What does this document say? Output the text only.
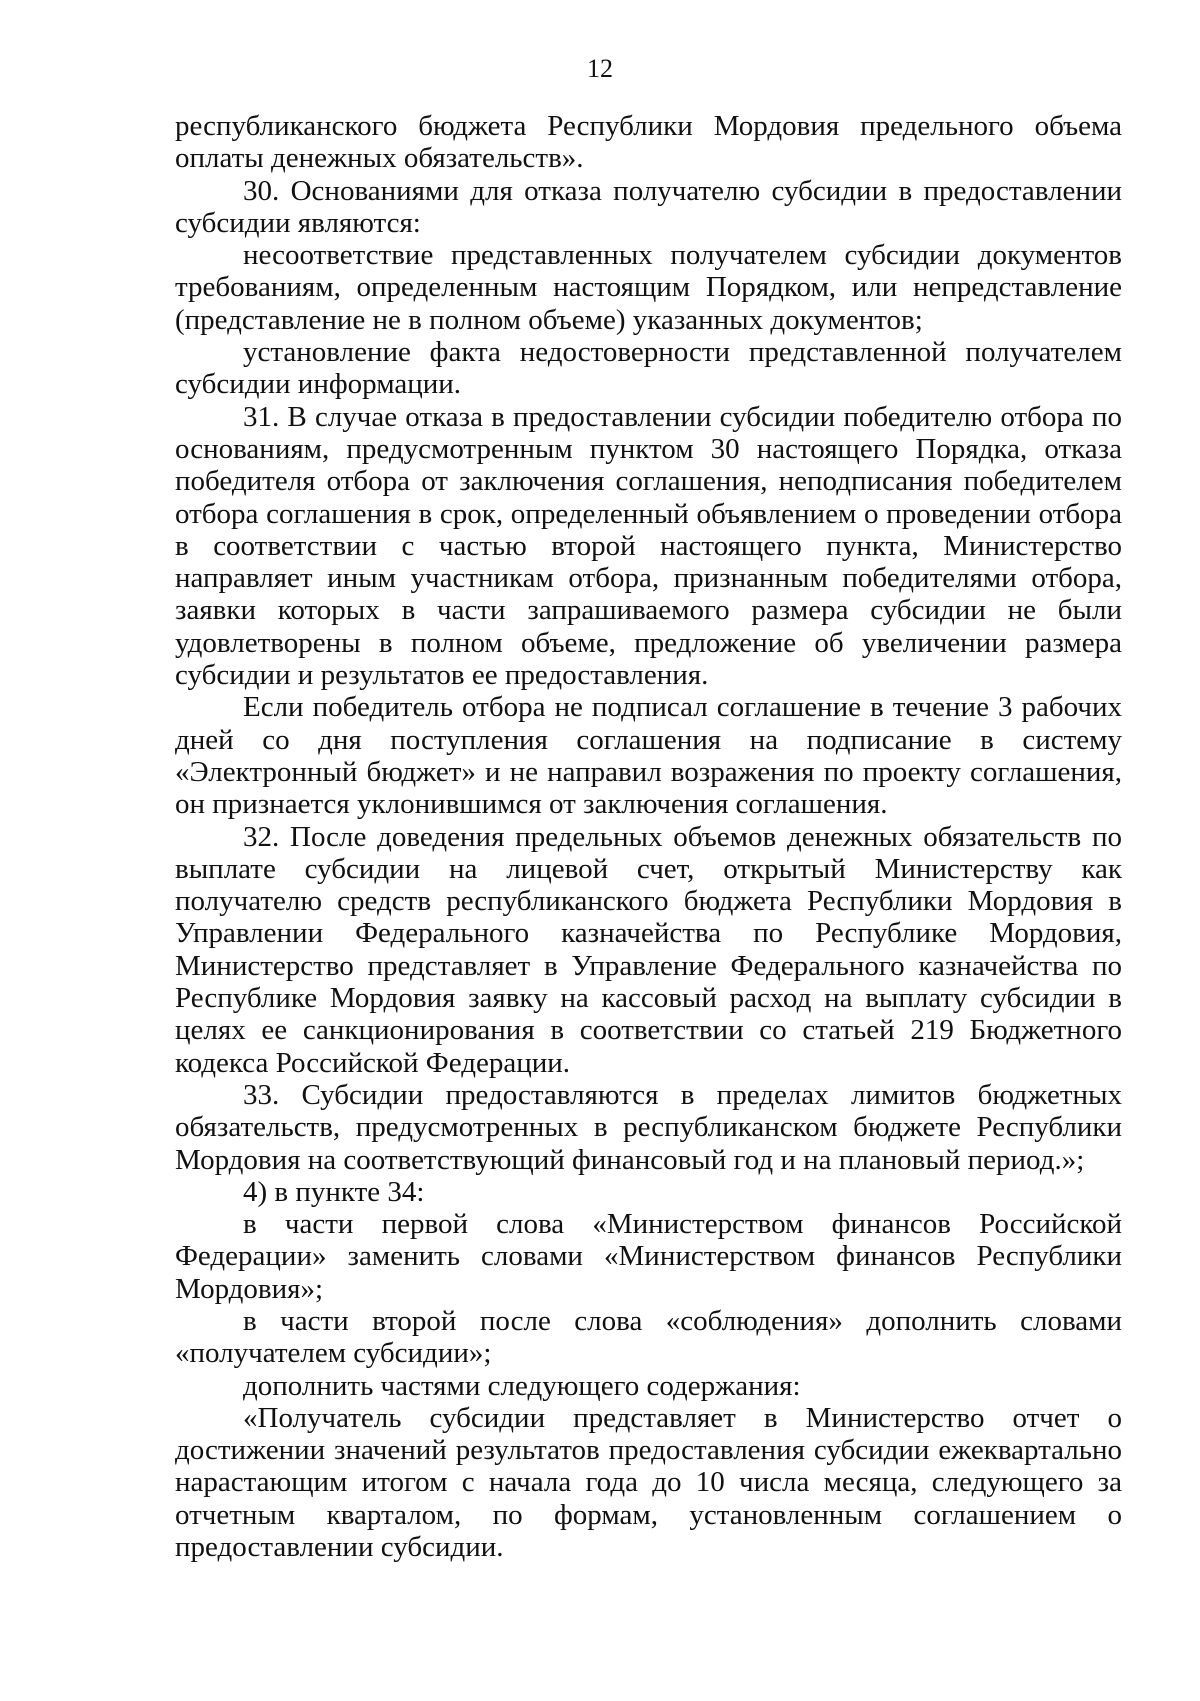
12

республиканского бюджета Республики Мордовия предельного объема оплаты денежных обязательств».

30. Основаниями для отказа получателю субсидии в предоставлении субсидии являются:

несоответствие представленных получателем субсидии документов требованиям, определенным настоящим Порядком, или непредставление (представление не в полном объеме) указанных документов;

установление факта недостоверности представленной получателем субсидии информации.

31. В случае отказа в предоставлении субсидии победителю отбора по основаниям, предусмотренным пунктом 30 настоящего Порядка, отказа победителя отбора от заключения соглашения, неподписания победителем отбора соглашения в срок, определенный объявлением о проведении отбора в соответствии с частью второй настоящего пункта, Министерство направляет иным участникам отбора, признанным победителями отбора, заявки которых в части запрашиваемого размера субсидии не были удовлетворены в полном объеме, предложение об увеличении размера субсидии и результатов ее предоставления.

Если победитель отбора не подписал соглашение в течение 3 рабочих дней со дня поступления соглашения на подписание в систему «Электронный бюджет» и не направил возражения по проекту соглашения, он признается уклонившимся от заключения соглашения.

32. После доведения предельных объемов денежных обязательств по выплате субсидии на лицевой счет, открытый Министерству как получателю средств республиканского бюджета Республики Мордовия в Управлении Федерального казначейства по Республике Мордовия, Министерство представляет в Управление Федерального казначейства по Республике Мордовия заявку на кассовый расход на выплату субсидии в целях ее санкционирования в соответствии со статьей 219 Бюджетного кодекса Российской Федерации.

33. Субсидии предоставляются в пределах лимитов бюджетных обязательств, предусмотренных в республиканском бюджете Республики Мордовия на соответствующий финансовый год и на плановый период.»;

4) в пункте 34:

в части первой слова «Министерством финансов Российской Федерации» заменить словами «Министерством финансов Республики Мордовия»;

в части второй после слова «соблюдения» дополнить словами «получателем субсидии»;

дополнить частями следующего содержания:

«Получатель субсидии представляет в Министерство отчет о достижении значений результатов предоставления субсидии ежеквартально нарастающим итогом с начала года до 10 числа месяца, следующего за отчетным кварталом, по формам, установленным соглашением о предоставлении субсидии.
